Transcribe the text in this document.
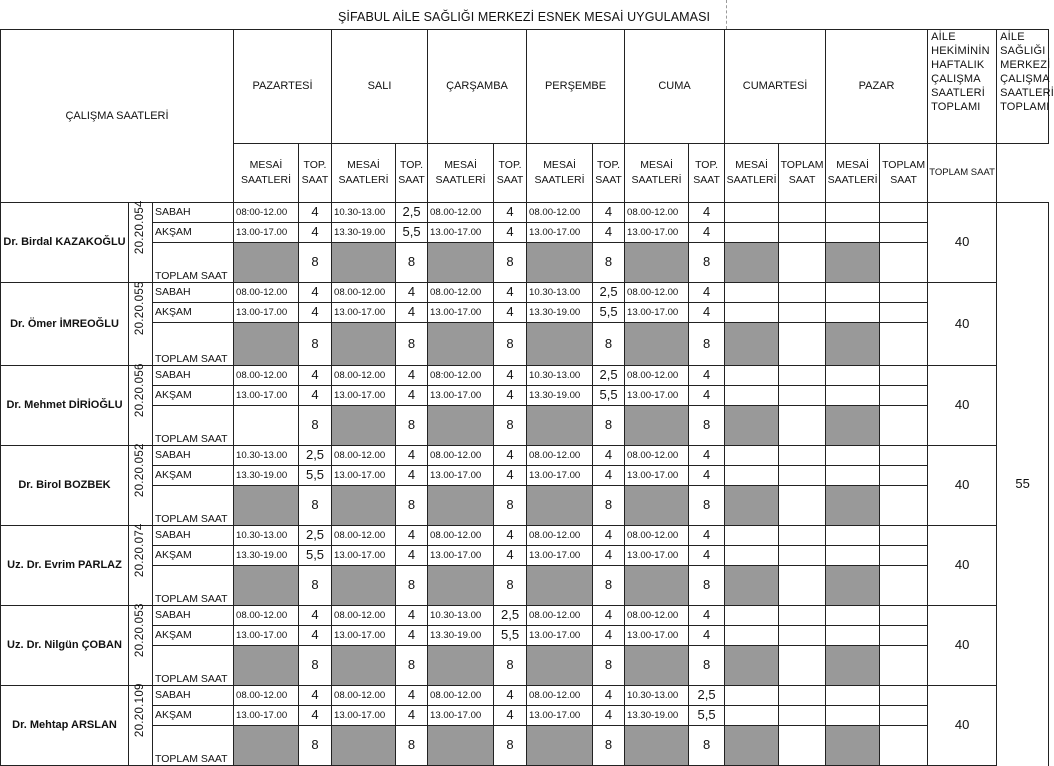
ŞİFABUL AİLE SAĞLIĞI MERKEZİ ESNEK MESAİ UYGULAMASI
ÇALIŞMA SAATLERİ			PAZARTESİ		SALI		ÇARŞAMBA		PERŞEMBE		CUMA		CUMARTESİ		PAZAR		AİLE HEKİMİNİN HAFTALIK ÇALIŞMA SAATLERİ TOPLAMI	AİLE SAĞLIĞI MERKEZİ ÇALIŞMA SAATLERİ TOPLAMI
			MESAİ SAATLERİ	TOP. SAAT	MESAİ SAATLERİ	TOP. SAAT	MESAİ SAATLERİ	TOP. SAAT	MESAİ SAATLERİ	TOP. SAAT	MESAİ SAATLERİ	TOP. SAAT	MESAİ SAATLERİ	TOPLAM SAAT	MESAİ SAATLERİ	TOPLAM SAAT	TOPLAM SAAT	
Dr. Birdal KAZAKOĞLU	20.20.054	SABAH	08:00-12.00	4	10.30-13.00	2,5	08.00-12.00	4	08.00-12.00	4	08.00-12.00	4					40	55
		AKŞAM	13.00-17.00	4	13.30-19.00	5,5	13.00-17.00	4	13.00-17.00	4	13.00-17.00	4						
		TOPLAM SAAT		8		8		8		8		8						
Dr. Ömer İMREOĞLU	20.20.055	SABAH	08.00-12.00	4	08.00-12.00	4	08.00-12.00	4	10.30-13.00	2,5	08.00-12.00	4					40	
		AKŞAM	13.00-17.00	4	13.00-17.00	4	13.00-17.00	4	13.30-19.00	5,5	13.00-17.00	4						
		TOPLAM SAAT		8		8		8		8		8						
Dr. Mehmet DİRİOĞLU	20.20.056	SABAH	08.00-12.00	4	08.00-12.00	4	08:00-12.00	4	10.30-13.00	2,5	08.00-12.00	4					40	
		AKŞAM	13.00-17.00	4	13.00-17.00	4	13.00-17.00	4	13.30-19.00	5,5	13.00-17.00	4						
		TOPLAM SAAT		8		8		8		8		8						
Dr. Birol BOZBEK	20.20.052	SABAH	10.30-13.00	2,5	08.00-12.00	4	08.00-12.00	4	08.00-12.00	4	08.00-12.00	4					40	
		AKŞAM	13.30-19.00	5,5	13.00-17.00	4	13.00-17.00	4	13.00-17.00	4	13.00-17.00	4						
		TOPLAM SAAT		8		8		8		8		8						
Uz. Dr. Evrim PARLAZ	20.20.074	SABAH	10.30-13.00	2,5	08.00-12.00	4	08.00-12.00	4	08.00-12.00	4	08.00-12.00	4					40	
		AKŞAM	13.30-19.00	5,5	13.00-17.00	4	13.00-17.00	4	13.00-17.00	4	13.00-17.00	4						
		TOPLAM SAAT		8		8		8		8		8						
Uz. Dr. Nilgün ÇOBAN	20.20.053	SABAH	08.00-12.00	4	08.00-12.00	4	10.30-13.00	2,5	08.00-12.00	4	08.00-12.00	4					40	
		AKŞAM	13.00-17.00	4	13.00-17.00	4	13.30-19.00	5,5	13.00-17.00	4	13.00-17.00	4						
		TOPLAM SAAT		8		8		8		8		8						
Dr. Mehtap ARSLAN	20.20.109	SABAH	08.00-12.00	4	08.00-12.00	4	08.00-12.00	4	08.00-12.00	4	10.30-13.00	2,5					40	
		AKŞAM	13.00-17.00	4	13.00-17.00	4	13.00-17.00	4	13.00-17.00	4	13.30-19.00	5,5						
		TOPLAM SAAT		8		8		8		8		8						
